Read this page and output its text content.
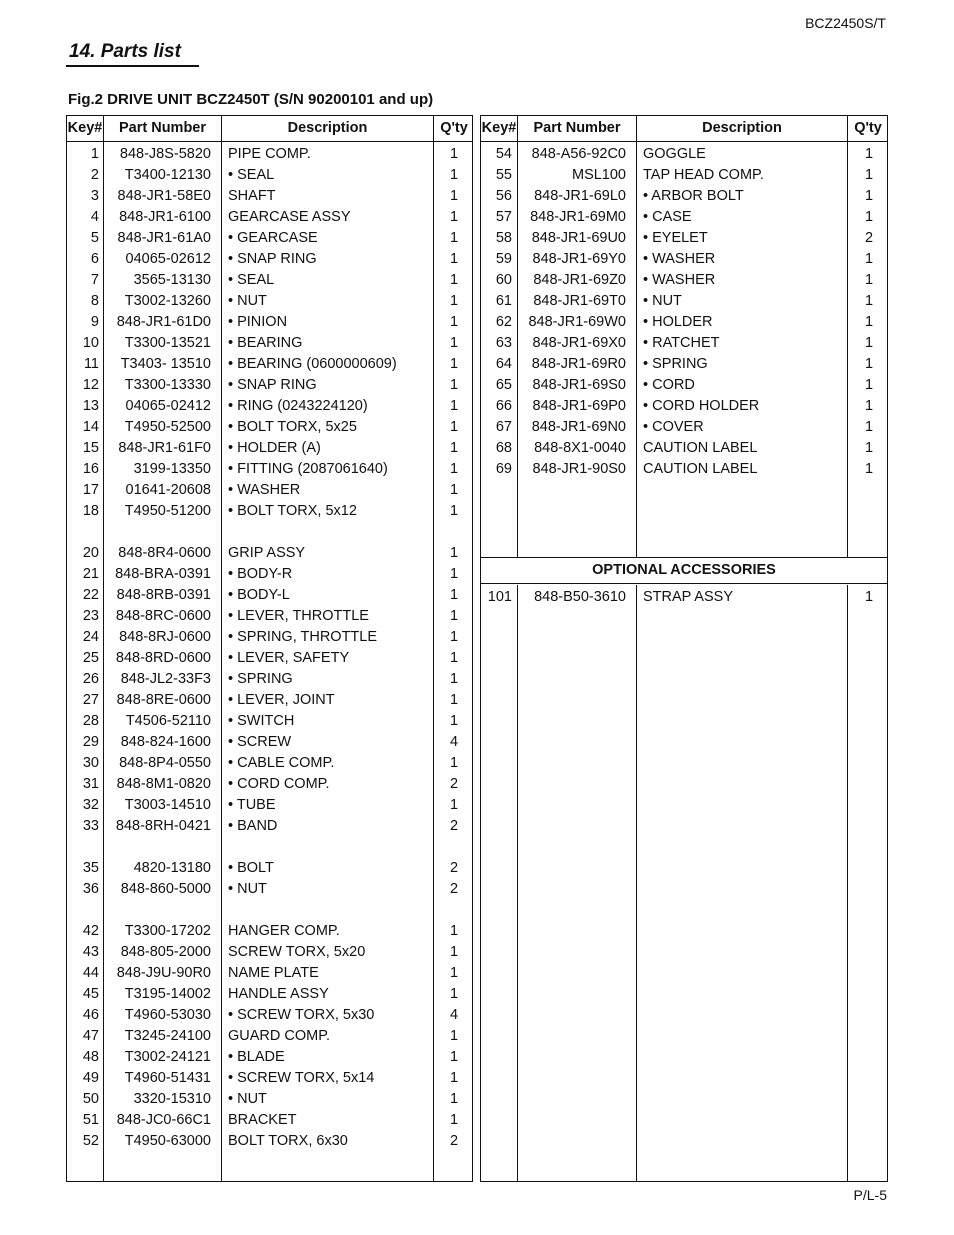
BCZ2450S/T
14. Parts list
Fig.2 DRIVE UNIT BCZ2450T (S/N 90200101 and up)
Key#	Part Number	Description	Q'ty
1	848-J8S-5820 PIPE COMP.	1
2	T3400-12130 • SEAL	1
3	848-JR1-58E0 SHAFT	1
4	848-JR1-6100 GEARCASE ASSY	1
5	848-JR1-61A0 • GEARCASE	1
6	04065-02612 • SNAP RING	1
7	3565-13130 • SEAL	1
8	T3002-13260 • NUT	1
9	848-JR1-61D0 • PINION	1
10	T3300-13521 • BEARING	1
11	T3403- 13510 • BEARING (0600000609)	1
12	T3300-13330 • SNAP RING	1
13	04065-02412 • RING (0243224120)	1
14	T4950-52500 • BOLT TORX, 5x25	1
15	848-JR1-61F0 • HOLDER (A)	1
16	3199-13350 • FITTING (2087061640)	1
17	01641-20608 • WASHER	1
18	T4950-51200 • BOLT TORX, 5x12	1
20	848-8R4-0600 GRIP ASSY	1
21	848-BRA-0391 • BODY-R	1
22	848-8RB-0391 • BODY-L	1
23	848-8RC-0600 • LEVER, THROTTLE	1
24	848-8RJ-0600 • SPRING, THROTTLE	1
25	848-8RD-0600 • LEVER, SAFETY	1
26	848-JL2-33F3 • SPRING	1
27	848-8RE-0600 • LEVER, JOINT	1
28	T4506-52110 • SWITCH	1
29	848-824-1600 • SCREW	4
30	848-8P4-0550 • CABLE COMP.	1
31	848-8M1-0820 • CORD COMP.	2
32	T3003-14510 • TUBE	1
33	848-8RH-0421 • BAND	2
35	4820-13180 • BOLT	2
36	848-860-5000 • NUT	2
42	T3300-17202 HANGER COMP.	1
43	848-805-2000 SCREW TORX, 5x20	1
44	848-J9U-90R0 NAME PLATE	1
45	T3195-14002 HANDLE ASSY	1
46	T4960-53030 • SCREW TORX, 5x30	4
47	T3245-24100 GUARD COMP.	1
48	T3002-24121 • BLADE	1
49	T4960-51431 • SCREW TORX, 5x14	1
50	3320-15310 • NUT	1
51	848-JC0-66C1 BRACKET	1
52	T4950-63000 BOLT TORX, 6x30	2
Key#	Part Number	Description	Q'ty
54	848-A56-92C0 GOGGLE	1
55	MSL100 TAP HEAD COMP.	1
56	848-JR1-69L0 • ARBOR BOLT	1
57	848-JR1-69M0 • CASE	1
58	848-JR1-69U0 • EYELET	2
59	848-JR1-69Y0 • WASHER	1
60	848-JR1-69Z0 • WASHER	1
61	848-JR1-69T0 • NUT	1
62	848-JR1-69W0 • HOLDER	1
63	848-JR1-69X0 • RATCHET	1
64	848-JR1-69R0 • SPRING	1
65	848-JR1-69S0 • CORD	1
66	848-JR1-69P0 • CORD HOLDER	1
67	848-JR1-69N0 • COVER	1
68	848-8X1-0040 CAUTION LABEL	1
69	848-JR1-90S0 CAUTION LABEL	1
OPTIONAL ACCESSORIES
101	848-B50-3610 STRAP ASSY	1
P/L-5
